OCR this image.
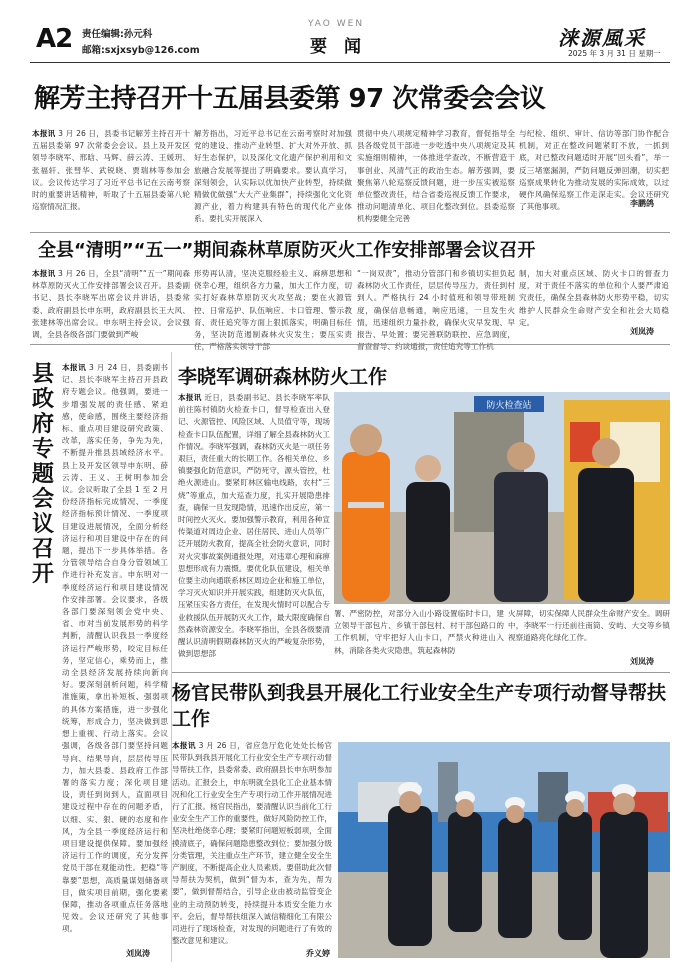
A2 责任编辑:孙元科
邮箱:sxjxsyb@126.com
YAO WEN
要　闻	涞源風采
2025 年 3 月 31 日 星期一
解芳主持召开十五届县委第 97 次常委会会议
本报讯 3 月 26 日，县委书记解芳主持召开十五届县委第 97 次常委会会议。县上及开发区领导李晓军、邢晗、马辉、薛云涛、王媛玥、张福轩、张彗华、武锐晓、贾瑞林等参加会议。会议传达学习了习近平总书记在云南考察时的重要讲话精神，听取了十五届县委第八轮巡察情况汇报。
解芳指出，习近平总书记在云南考察时对加强党的建设、推动产业转型、扩大对外开放、抓好生态保护，以及深化文化遗产保护利用和文旅融合发展等提出了明确要求。要认真学习，深刻领会，认实际以优加快产业转型，持续做精做优做强“大大产业集群”，持续强化文化资源产业，着力构建具有特色的现代化产业体系。要扎实开展深入
贯彻中央八项规定精神学习教育，督促指导全县各级党员干部进一步吃透中央八项规定及其实施细则精神，一体推进学查改，不断营造干事创业、风清气正的政治生态。解芳强调，要聚焦第八轮巡察反馈问题，进一步压实被巡察单位整改责任，结合省委巡视反馈工作要求，推动问题清单化、项目化整改到位。县委巡察机构要健全完善
与纪检、组织、审计、信访等部门协作配合机制，对正在整改问题紧盯不放，一抓到底，对已整改问题适时开展“回头看”，举一反三堵塞漏洞，严防问题反弹回潮，切实把巡察成果转化为推动发展的实际成效，以过硬作风确保巡察工作走深走实。会议还研究了其他事项。	李鹏鸽
全县“清明”“五一”期间森林草原防灭火工作安排部署会议召开
本报讯 3 月 26 日，全县“清明”“五一”期间森林草原防灭火工作安排部署会议召开。县委副书记、县长李晓军出席会议并讲话，县委常委、政府副县长申东明，政府副县长王大风、张建林等出席会议。申东明主持会议。会议强调，全县各级各部门要做到严峻
形势再认清，坚决克服经验主义、麻痹思想和侥幸心理，组织各方力量，加大工作力度，切实打好森林草原防灭火攻坚战；要在火源管控、日常巡护、队伍响应、卡口管理、警示教育、责任追究等方面上狠抓落实，明确目标任务，坚决防范遏制森林火灾发生；要压实责任，严格落实领导干部
“一岗双责”，推动分管部门和乡镇切实担负起森林防火工作责任，层层传导压力，责任到村到人。严格执行 24 小时值班和领导带班制度，确保信息畅通，响应迅速，一旦发生火情，迅速组织力量扑救，确保火灾早发现、早报告、早处置；要完善联防联控、应急调度，督查督导、约谈通报，责任追究等工作机
制，加大对重点区域、防火卡口的督查力度，对于责任不落实的单位和个人要严肃追究责任，确保全县森林防火形势平稳，切实维护人民群众生命财产安全和社会大局稳定。
刘岚涛
县政府专题会议召开
本报讯 3 月 24 日，县委副书记、县长李晓军主持召开县政府专题会议。他强调，要进一步增强发展的责任感、紧迫感，使命感，围绕主要经济指标、重点项目建设研究政策、改革，落实任务，争先为先，不断提升推县县域经济水平。县上及开发区领导申东明、薛云涛、王义、王树明参加会议。会议听取了全县 1 至 2 月份经济指标完成情况、一季度经济指标预计情况、一季度项目建设进展情况，全面分析经济运行和项目建设中存在的问题，提出下一步具体举措。各分管领导结合自身分管领域工作进行补充发言。申东明对一季度经济运行和项目建设情况作安排部署。会议要求，各级各部门要深刻领会党中央、省、市对当前发展形势的科学判断，清醒认识我县一季度经济运行严峻形势，咬定目标任务，坚定信心，乘势而上，推动全县经济发展持续向新向好。要深刻剖析问题，科学精准施策，拿出补短板、强弱项的具体方案措施，进一步强化统筹，形成合力，坚决做到思想上重视、行动上落实。会议强调，各级各部门要坚持问题导向、结果导向，层层传导压力，加大县委、县政府工作部署的落实力度；深化项目建设，责任到岗到人，直面项目建设过程中存在的问题矛盾，以细、实、狠、硬的态度和作风，为全县一季度经济运行和项目建设提供保障。要加强经济运行工作的调度，充分发挥党员干部在观能动性。把稳“等靠要”思想，高质量谋划储备项目，做实项目前期，强化要素保障，推动各项重点任务落地见效。会议还研究了其他事项。
刘岚涛
李晓军调研森林防火工作
本报讯 近日，县委副书记、县长李晓军率队前往陈村镇防火检查卡口，督导检查出入登记、火源管控、风险区域、人员值守等，现场检查卡口队伍配置，详细了解全县森林防火工作情况。李晓军强调，森林防灭火是一项任务艰巨，责任重大的长期工作。各相关单位、乡镇要强化防范意识，严防死守，源头管控，杜绝火源进山。要紧盯林区输电线路，农村“三烧”等重点，加大巡查力度，扎实开展隐患排查，确保一旦发现隐情，迅速作出反应，第一时间控火灭火。要加强警示教育，利用各种宣传渠道对周边企业、居住居民、进山人员等广泛开展防火教育，提高全社会防火意识，同时对火灾事故案例通报处理，对违章心理和麻痹思想形成有力震慑。要优化队伍建设，相关单位要主动向通联系林区周边企业和施工单位，学习灭火知识并开展实践，组建防灭火队伍，压紧压实各方责任，在发现火情时可以配合专业救援队伍开展防灭火工作，最大限度确保自然森林资源安全。李晓军指出，全县各级要清醒认识清明假期森林防灭火的严峻复杂形势，做到思想部
防火检查站
署、严密防控，对部分入山小路设置临时卡口，建立领导干部包片、乡镇干部包村、村干部包路口的工作机制，守牢把好人山卡口，严禁火种进山入林，消除各类火灾隐患，筑起森林防
火屏障，切实保障人民群众生命财产安全。调研中，李晓军一行还前往南筒、安屿、大交等乡镇视察道路亮化绿化工作。
刘岚涛
杨官民带队到我县开展化工行业安全生产专项行动督导帮扶工作
本报讯 3 月 26 日，省应急厅危化处处长杨官民带队到我县开展化工行业安全生产专项行动督导帮扶工作，县委常委、政府副县长申东明参加活动。汇报会上，申东明就全县化工企业基本情况和化工行业安全生产专项行动工作开展情况进行了汇报。杨官民指出，要清醒认识当前化工行业安全生产工作的重要性，做好风险防控工作，坚决杜绝侥幸心理；要紧盯问题短板弱项，全面摸清底子，确保问题隐患整改到位；要加强分级分类管理，关注重点生产环节，建立健全安全生产制度，不断提高企业人员素质。要借助此次督导帮扶为契机，做到“督为本，查为先，帮为要”，做到督帮结合，引导企业由被动监管变企业的主动预防转变，持续提升本质安全能力水平。会后，督导帮扶组深入诚信精细化工有限公司进行了现场检查，对发现的问题进行了有效的整改意见和建议。
乔义婷
